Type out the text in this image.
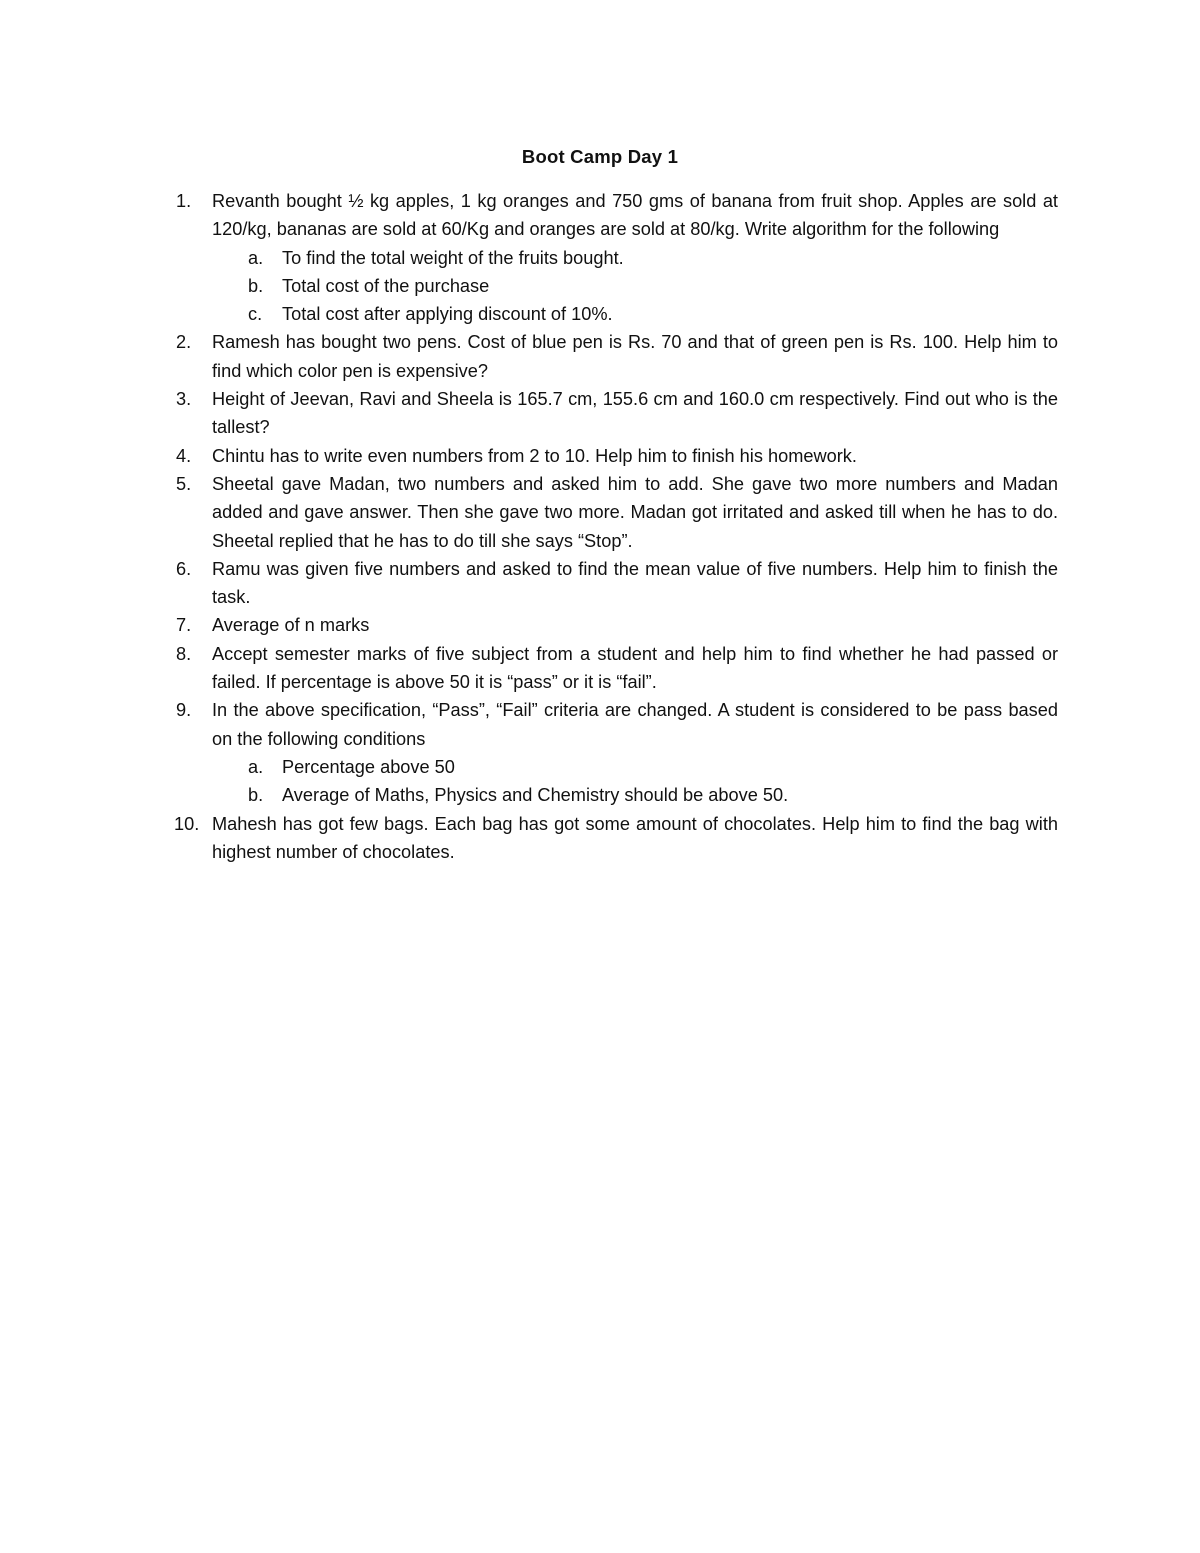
Boot Camp Day 1
1.	Revanth bought ½ kg apples, 1 kg oranges and 750 gms of banana from fruit shop. Apples are sold at 120/kg, bananas are sold at 60/Kg and oranges are sold at 80/kg. Write algorithm for the following
a. To find the total weight of the fruits bought.
b. Total cost of the purchase
c. Total cost after applying discount of 10%.
2.	Ramesh has bought two pens. Cost of blue pen is Rs. 70 and that of green pen is Rs. 100. Help him to find which color pen is expensive?
3.	Height of Jeevan, Ravi and Sheela is 165.7 cm, 155.6 cm and 160.0 cm respectively. Find out who is the tallest?
4.	Chintu has to write even numbers from 2 to 10. Help him to finish his homework.
5.	Sheetal gave Madan, two numbers and asked him to add. She gave two more numbers and Madan added and gave answer. Then she gave two more. Madan got irritated and asked till when he has to do. Sheetal replied that he has to do till she says “Stop”.
6.	Ramu was given five numbers and asked to find the mean value of five numbers. Help him to finish the task.
7.	Average of n marks
8.	Accept semester marks of five subject from a student and help him to find whether he had passed or failed. If percentage is above 50 it is “pass” or it is “fail”.
9.	In the above specification, “Pass”, “Fail” criteria are changed. A student is considered to be pass based on the following conditions
a. Percentage above 50
b. Average of Maths, Physics and Chemistry should be above 50.
10. Mahesh has got few bags. Each bag has got some amount of chocolates. Help him to find the bag with highest number of chocolates.
